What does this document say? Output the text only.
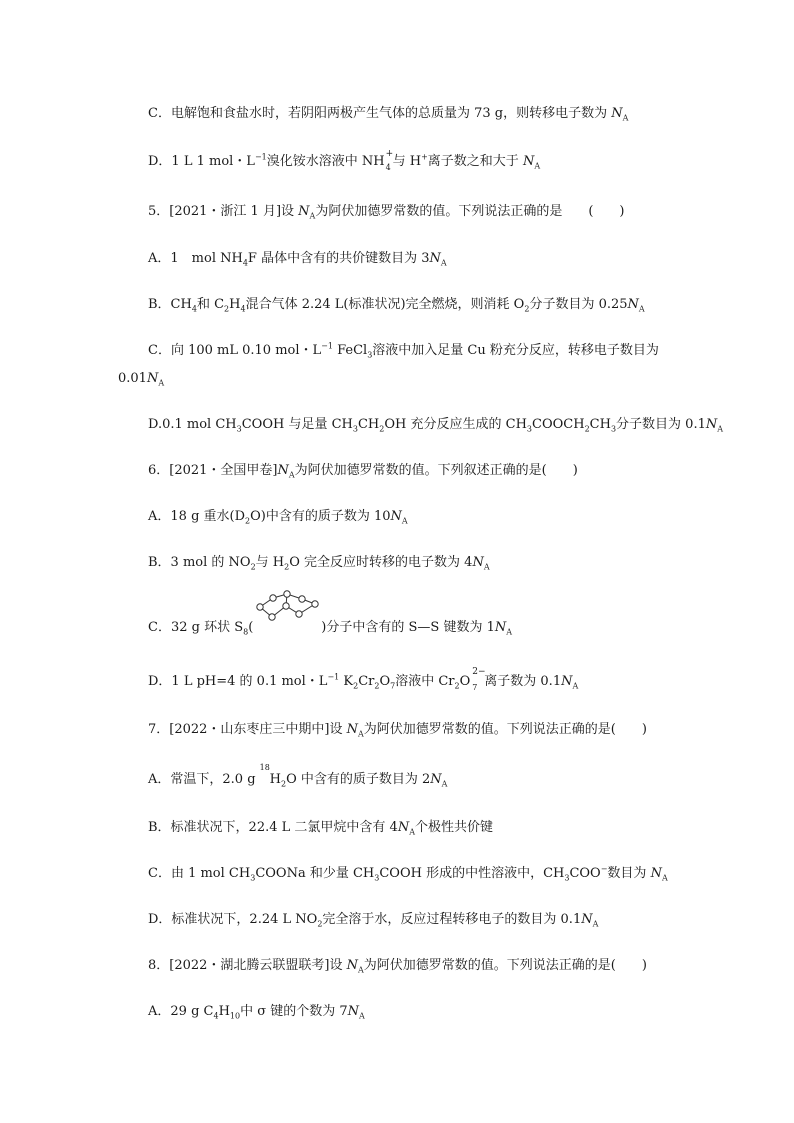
C．电解饱和食盐水时，若阴阳两极产生气体的总质量为 73 g，则转移电子数为 $N_A$
D．1 L 1 mol・$L^{-1}$溴化铵水溶液中 NH +
4 与 H+离子数之和大于 $N_A$
5．[2021・浙江 1 月]设 $N_A$为阿伏加德罗常数的值。下列说法正确的是　　(　　)
A．1　mol $NH_4F$ 晶体中含有的共价键数目为 $3N_A$
B．$CH_4$和 $C_2H_4$混合气体 2.24 L(标准状况)完全燃烧，则消耗 $O_2$分子数目为 $0.25N_A$
C．向 100 mL 0.10 mol・$L^{-1}$ FeCl$_3$溶液中加入足量 Cu 粉充分反应，转移电子数目为
$0.01N_A$
D.0.1 mol $CH_3COOH$ 与足量 $CH_3CH_2OH$ 充分反应生成的 $CH_3COOCH_2CH_3$分子数目为 $0.1N_A$
6．[2021・全国甲卷]$N_A$为阿伏加德罗常数的值。下列叙述正确的是(　　)
A．18 g 重水$(D_2O)$中含有的质子数为 $10N_A$
B．3 mol 的 $NO_2$与 $H_2O$ 完全反应时转移的电子数为 $4N_A$
C．32 g 环状 $S_8$(	)分子中含有的 S—S 键数为 $1N_A$
D．1 L pH=4 的 0.1 mol・$L^{-1}$ $K_2Cr_2O_7$溶液中 $Cr_2O$
2−
7 离子数为 $0.1N_A$
7．[2022・山东枣庄三中期中]设 $N_A$为阿伏加德罗常数的值。下列说法正确的是(　　)
A．常温下，2.0 g
18
$H_2O$ 中含有的质子数目为 $2N_A$
B．标准状况下，22.4 L 二氯甲烷中含有 $4N_A$个极性共价键
C．由 1 mol $CH_3COONa$ 和少量 $CH_3COOH$ 形成的中性溶液中，$CH_3COO^-$数目为 $N_A$
D．标准状况下，2.24 L $NO_2$完全溶于水，反应过程转移电子的数目为 $0.1N_A$
8．[2022・湖北腾云联盟联考]设 $N_A$为阿伏加德罗常数的值。下列说法正确的是(　　)
A．29 g $C_4H_{10}$中 σ 键的个数为 $7N_A$
